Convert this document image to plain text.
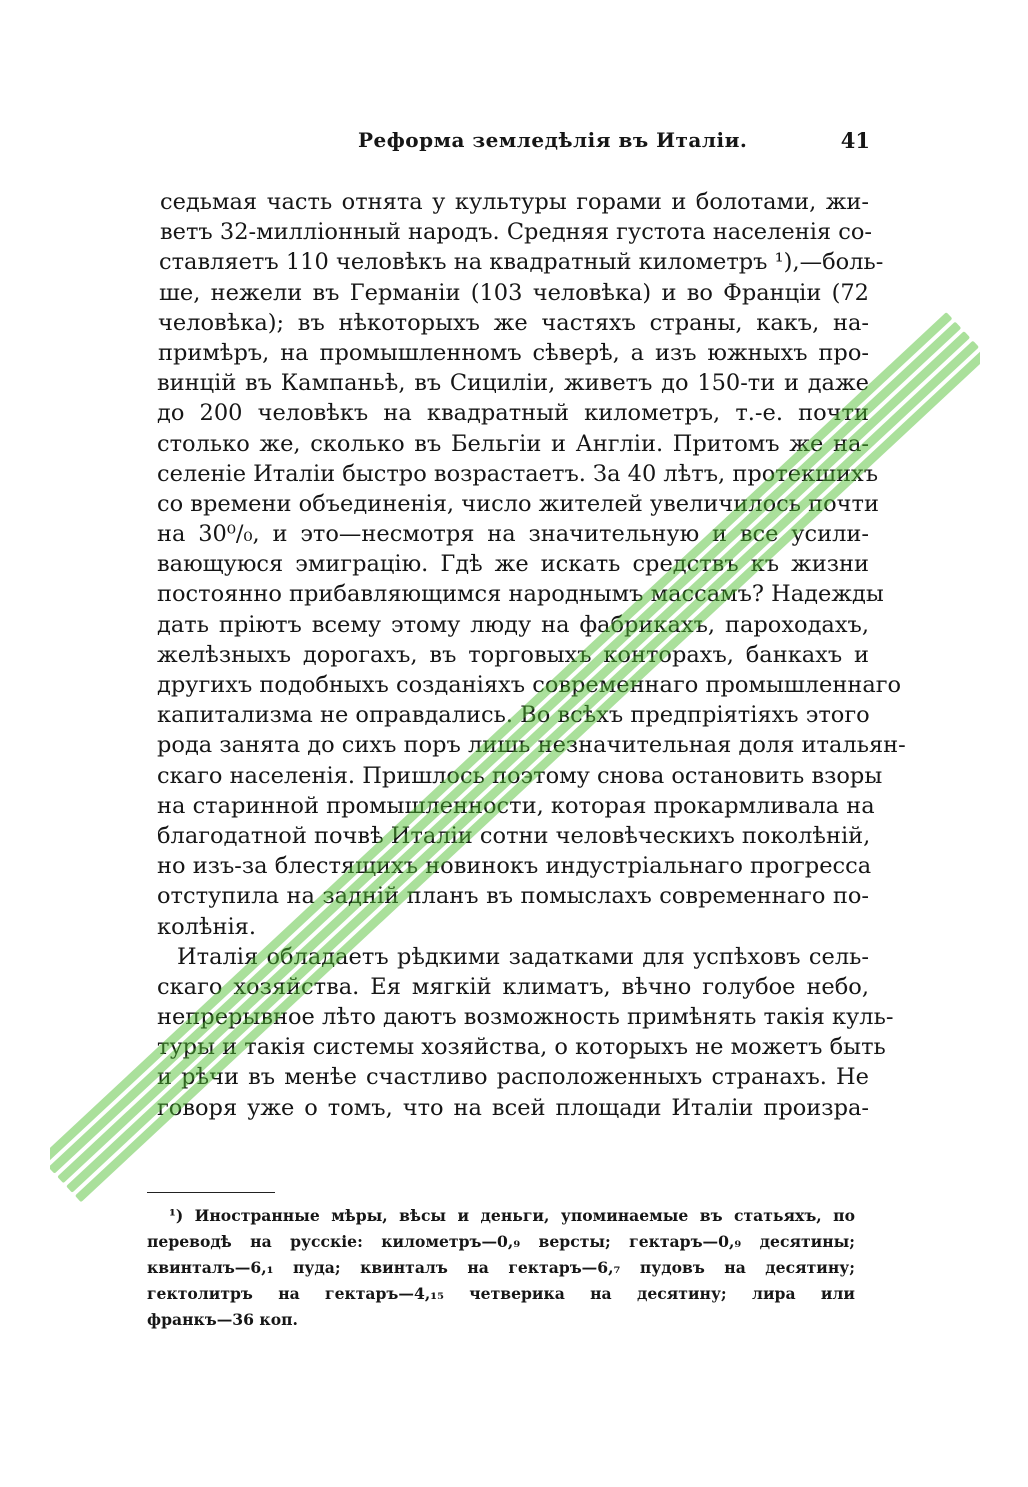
Реформа земледѣлія въ Италіи.	41
седьмая часть отнята у культуры горами и болотами, жи-
ветъ 32-милліонный народъ. Средняя густота населенія со-
ставляетъ 110 человѣкъ на квадратный километръ ¹),—боль-
ше, нежели въ Германіи (103 человѣка) и во Франціи (72
человѣка); въ нѣкоторыхъ же частяхъ страны, какъ, на-
примѣръ, на промышленномъ сѣверѣ, а изъ южныхъ про-
винцій въ Кампаньѣ, въ Сициліи, живетъ до 150-ти и даже
до 200 человѣкъ на квадратный километръ, т.-е. почти
столько же, сколько въ Бельгіи и Англіи. Притомъ же на-
селеніе Италіи быстро возрастаетъ. За 40 лѣтъ, протекшихъ
со времени объединенія, число жителей увеличилось почти
на 30⁰/₀, и это—несмотря на значительную и все усили-
вающуюся эмиграцію. Гдѣ же искать средствъ къ жизни
постоянно прибавляющимся народнымъ массамъ? Надежды
дать пріютъ всему этому люду на фабрикахъ, пароходахъ,
желѣзныхъ дорогахъ, въ торговыхъ конторахъ, банкахъ и
другихъ подобныхъ созданіяхъ современнаго промышленнаго
капитализма не оправдались. Во всѣхъ предпріятіяхъ этого
рода занята до сихъ поръ лишь незначительная доля итальян-
скаго населенія. Пришлось поэтому снова остановить взоры
на старинной промышленности, которая прокармливала на
благодатной почвѣ Италіи сотни человѣческихъ поколѣній,
но изъ-за блестящихъ новинокъ индустріальнаго прогресса
отступила на задній планъ въ помыслахъ современнаго по-
колѣнія.
Италія обладаетъ рѣдкими задатками для успѣховъ сель-
скаго хозяйства. Ея мягкій климатъ, вѣчно голубое небо,
непрерывное лѣто даютъ возможность примѣнять такія куль-
туры и такія системы хозяйства, о которыхъ не можетъ быть
и рѣчи въ менѣе счастливо расположенныхъ странахъ. Не
говоря уже о томъ, что на всей площади Италіи произра-
¹) Иностранные мѣры, вѣсы и деньги, упоминаемые въ статьяхъ, по
переводѣ на русскіе: километръ—0,₉ версты; гектаръ—0,₉ десятины;
квинталъ—6,₁ пуда; квинталъ на гектаръ—6,₇ пудовъ на десятину;
гектолитръ на гектаръ—4,₁₅ четверика на десятину; лира или
франкъ—36 коп.
